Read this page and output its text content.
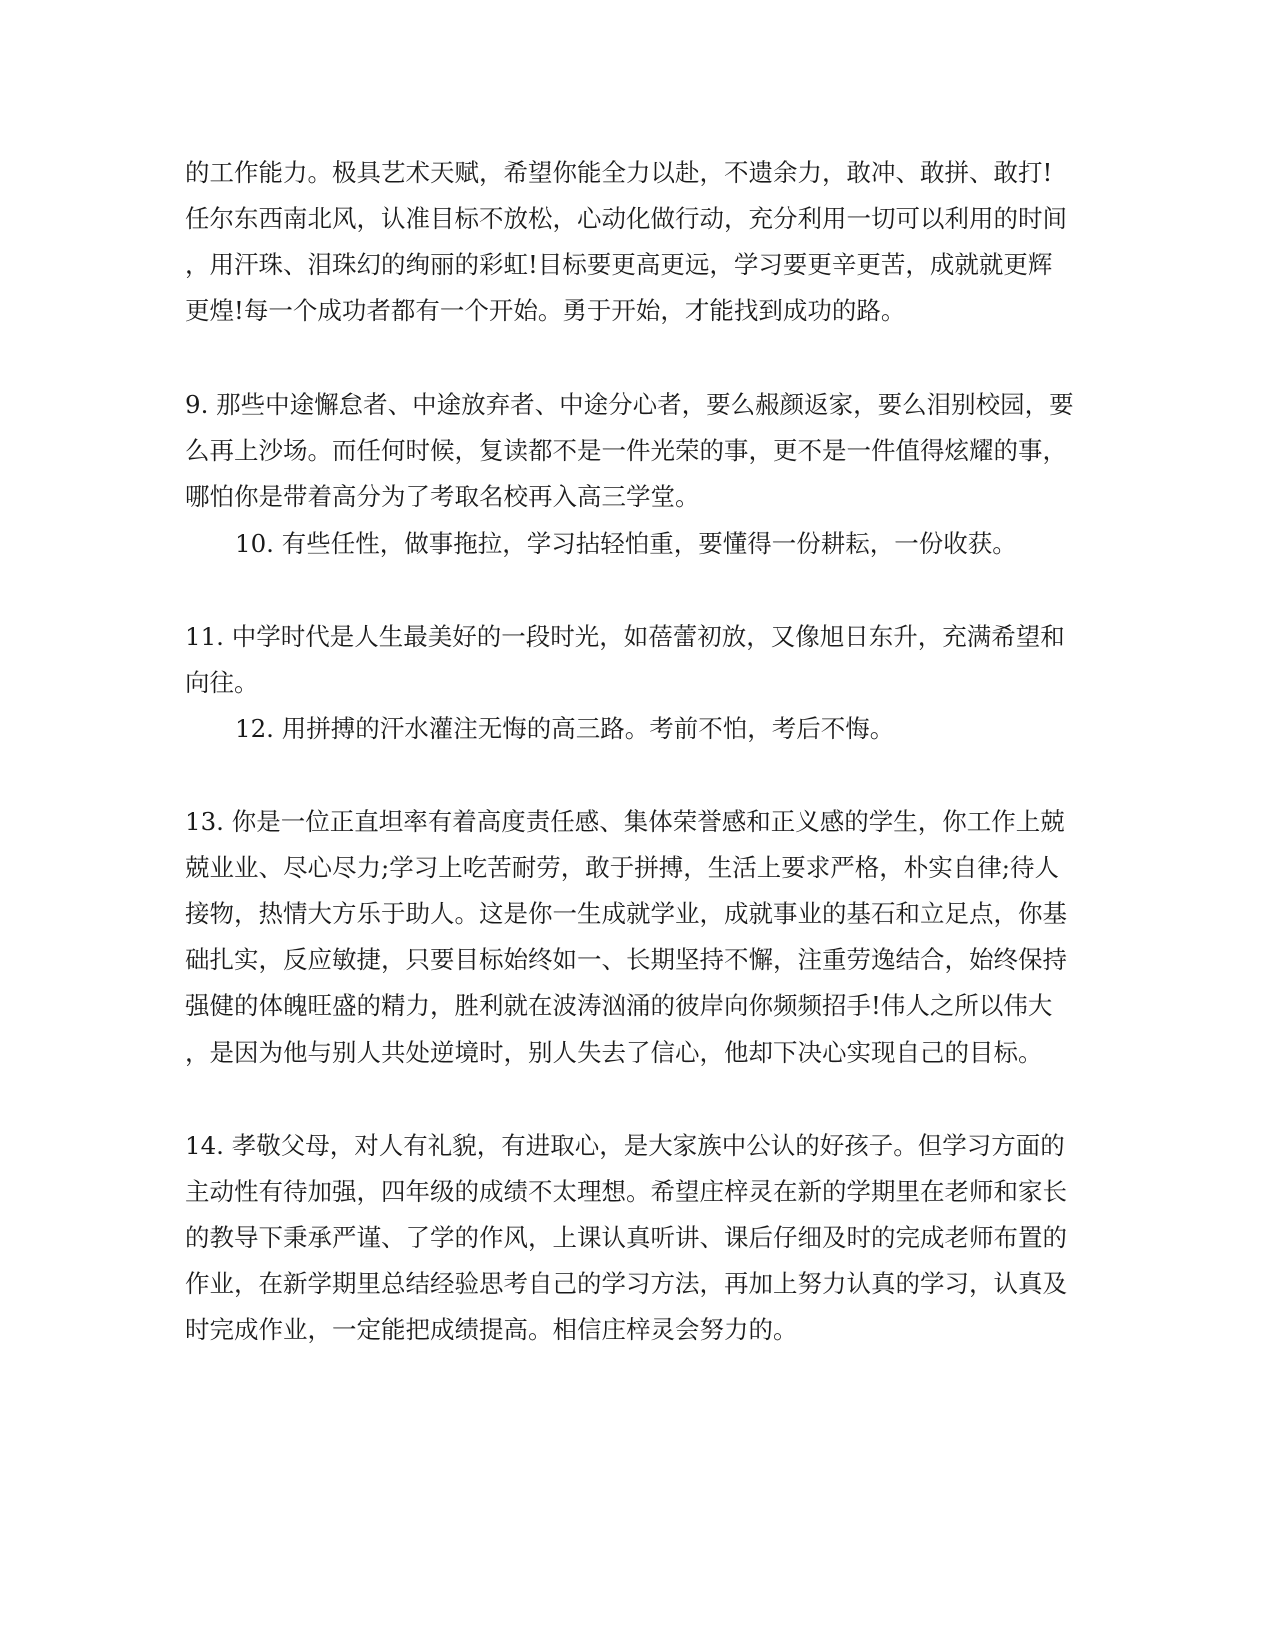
的工作能力。极具艺术天赋，希望你能全力以赴，不遗余力，敢冲、敢拼、敢打!
任尔东西南北风，认准目标不放松，心动化做行动，充分利用一切可以利用的时间
，用汗珠、泪珠幻的绚丽的彩虹!目标要更高更远，学习要更辛更苦，成就就更辉
更煌!每一个成功者都有一个开始。勇于开始，才能找到成功的路。
9. 那些中途懈怠者、中途放弃者、中途分心者，要么赧颜返家，要么泪别校园，要
么再上沙场。而任何时候，复读都不是一件光荣的事，更不是一件值得炫耀的事，
哪怕你是带着高分为了考取名校再入高三学堂。
10. 有些任性，做事拖拉，学习拈轻怕重，要懂得一份耕耘，一份收获。
11. 中学时代是人生最美好的一段时光，如蓓蕾初放，又像旭日东升，充满希望和
向往。
12. 用拼搏的汗水灌注无悔的高三路。考前不怕，考后不悔。
13. 你是一位正直坦率有着高度责任感、集体荣誉感和正义感的学生，你工作上兢
兢业业、尽心尽力;学习上吃苦耐劳，敢于拼搏，生活上要求严格，朴实自律;待人
接物，热情大方乐于助人。这是你一生成就学业，成就事业的基石和立足点，你基
础扎实，反应敏捷，只要目标始终如一、长期坚持不懈，注重劳逸结合，始终保持
强健的体魄旺盛的精力，胜利就在波涛汹涌的彼岸向你频频招手!伟人之所以伟大
，是因为他与别人共处逆境时，别人失去了信心，他却下决心实现自己的目标。
14. 孝敬父母，对人有礼貌，有进取心，是大家族中公认的好孩子。但学习方面的
主动性有待加强，四年级的成绩不太理想。希望庄梓灵在新的学期里在老师和家长
的教导下秉承严谨、了学的作风，上课认真听讲、课后仔细及时的完成老师布置的
作业，在新学期里总结经验思考自己的学习方法，再加上努力认真的学习，认真及
时完成作业，一定能把成绩提高。相信庄梓灵会努力的。
